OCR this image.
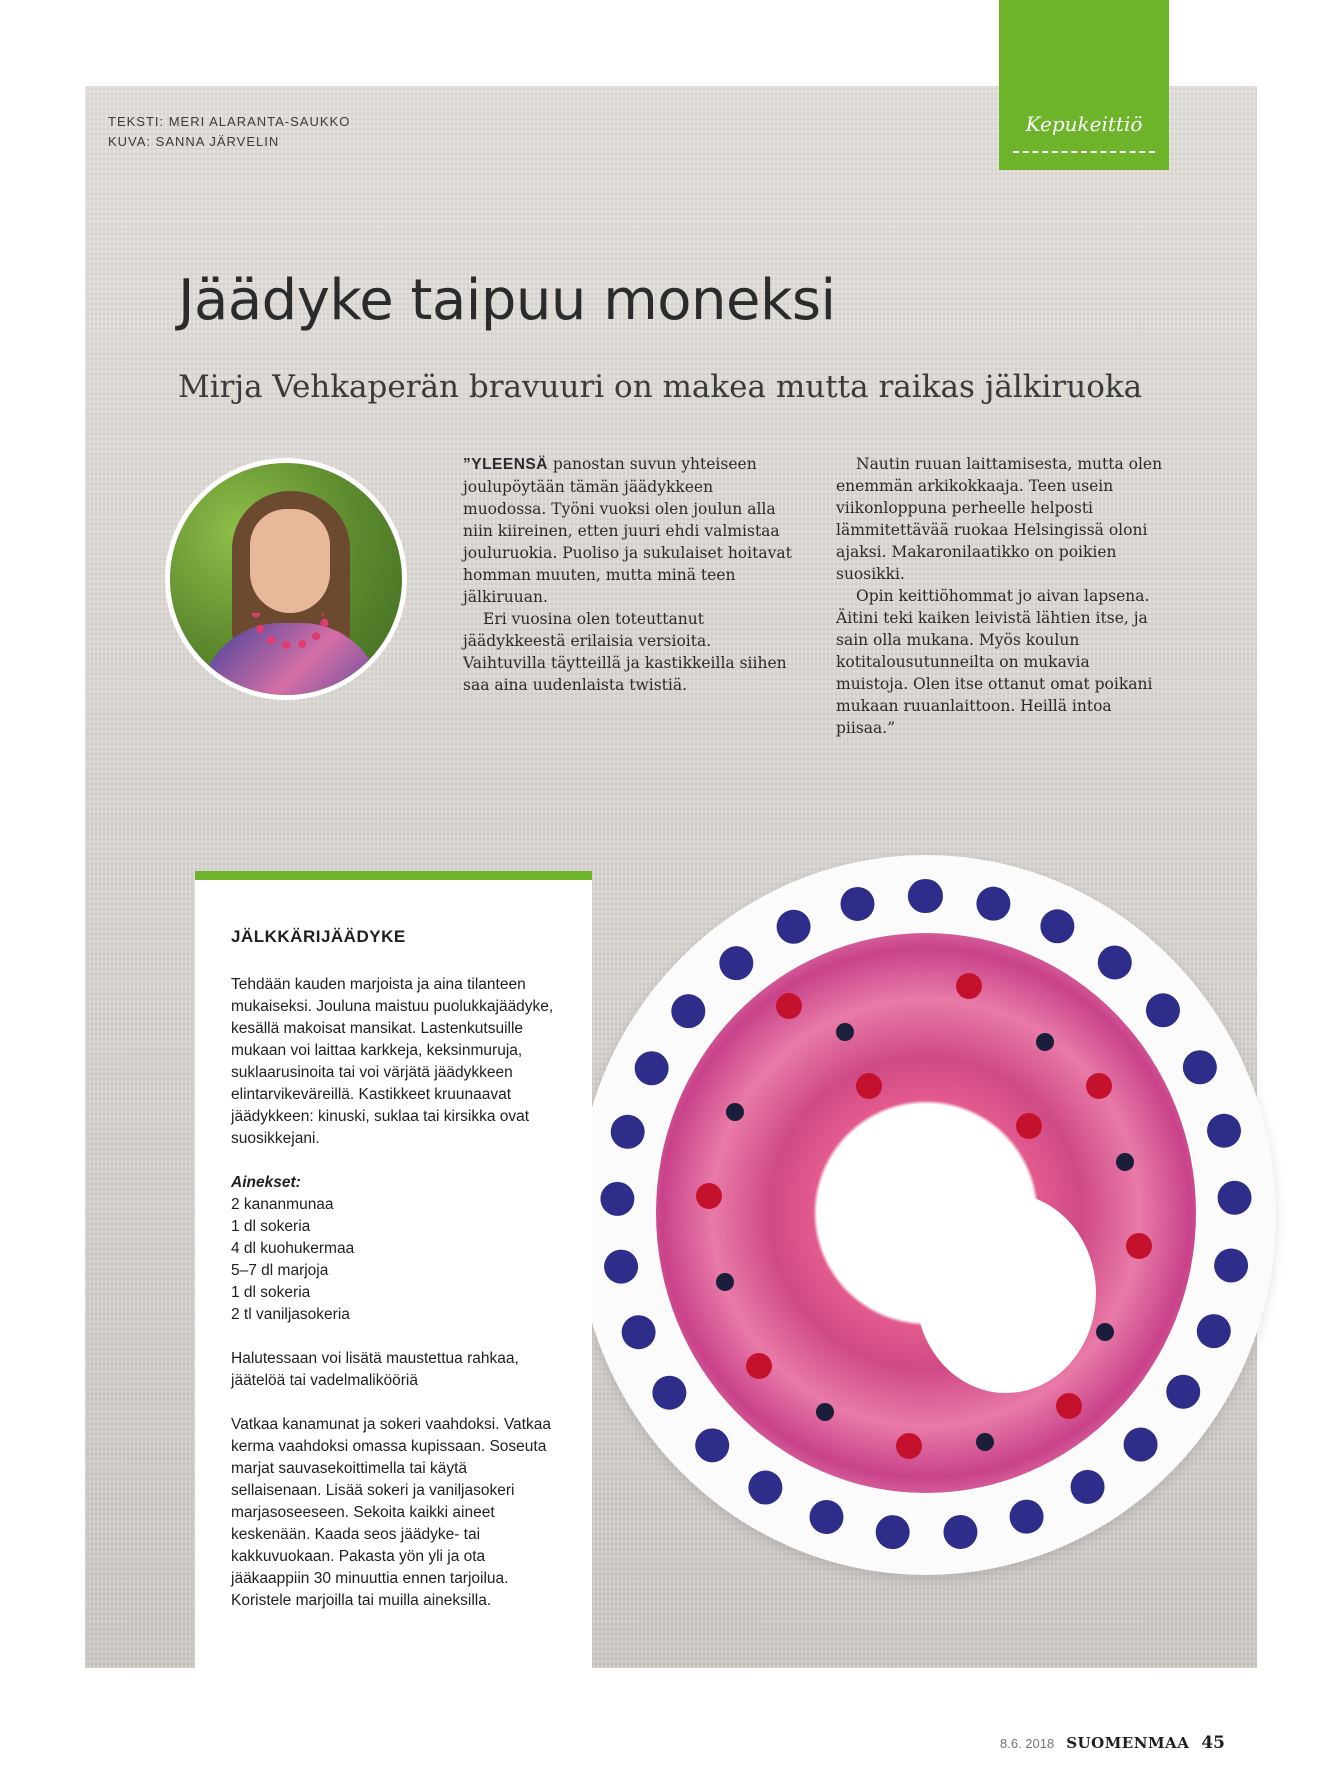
TEKSTI: MERI ALARANTA-SAUKKO
KUVA: SANNA JÄRVELIN
Kepukeittiö
Jäädyke taipuu moneksi
Mirja Vehkaperän bravuuri on makea mutta raikas jälkiruoka

”YLEENSÄ panostan suvun yhteiseen joulupöytään tämän jäädykkeen muodossa. Työni vuoksi olen joulun alla niin kiireinen, etten juuri ehdi valmistaa jouluruokia. Puoliso ja sukulaiset hoitavat homman muuten, mutta minä teen jälkiruuan.

Eri vuosina olen toteuttanut jäädykkeestä erilaisia versioita. Vaihtuvilla täytteillä ja kastikkeilla siihen saa aina uudenlaista twistiä.

Nautin ruuan laittamisesta, mutta olen enemmän arkikokkaaja. Teen usein viikonloppuna perheelle helposti lämmitettävää ruokaa Helsingissä oloni ajaksi. Makaronilaatikko on poikien suosikki.

Opin keittiöhommat jo aivan lapsena. Äitini teki kaiken leivistä lähtien itse, ja sain olla mukana. Myös koulun kotitalousutunneilta on mukavia muistoja. Olen itse ottanut omat poikani mukaan ruuanlaittoon. Heillä intoa piisaa.”

JÄLKKÄRIJÄÄDYKE

Tehdään kauden marjoista ja aina tilanteen mukaiseksi. Jouluna maistuu puolukkajäädyke, kesällä makoisat mansikat. Lastenkutsuille mukaan voi laittaa karkkeja, keksinmuruja, suklaarusinoita tai voi värjätä jäädykkeen elintarvikeväreillä. Kastikkeet kruunaavat jäädykkeen: kinuski, suklaa tai kirsikka ovat suosikkejani.

Ainekset:
2 kananmunaa
1 dl sokeria
4 dl kuohukermaa
5–7 dl marjoja
1 dl sokeria
2 tl vaniljasokeria

Halutessaan voi lisätä maustettua rahkaa, jäätelöä tai vadelmalikööriä

Vatkaa kanamunat ja sokeri vaahdoksi. Vatkaa kerma vaahdoksi omassa kupissaan. Soseuta marjat sauvasekoittimella tai käytä sellaisenaan. Lisää sokeri ja vaniljasokeri marjasoseeseen. Sekoita kaikki aineet keskenään. Kaada seos jäädyke- tai kakkuvuokaan. Pakasta yön yli ja ota jääkaappiin 30 minuuttia ennen tarjoilua. Koristele marjoilla tai muilla aineksilla.

8.6. 2018 SUOMENMAA 45
